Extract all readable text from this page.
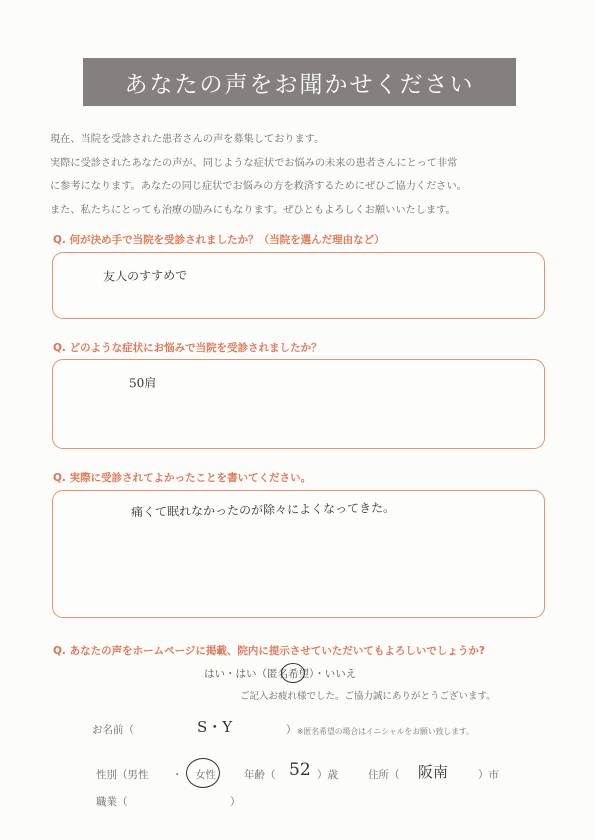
あなたの声をお聞かせください
現在、当院を受診された患者さんの声を募集しております。
実際に受診されたあなたの声が、同じような症状でお悩みの未来の患者さんにとって非常
に参考になります。あなたの同じ症状でお悩みの方を救済するためにぜひご協力ください。
また、私たちにとっても治療の励みにもなります。ぜひともよろしくお願いいたします。
Q. 何が決め手で当院を受診されましたか？（当院を選んだ理由など）
友人のすすめで
Q. どのような症状にお悩みで当院を受診されましたか？
50肩
Q. 実際に受診されてよかったことを書いてください。
痛くて眠れなかったのが除々によくなってきた。
Q. あなたの声をホームページに掲載、院内に提示させていただいてもよろしいでしょうか?
はい・はい（匿名希望
）・いいえ
ご記入お疲れ様でした。ご協力誠にありがとうございます。
お名前（	S・Y	） ※匿名希望の場合はイニシャルをお願い致します。
性別（男性 ・ 女性	年齢（ 52 ）歳	住所（ 阪南	）市
職業（	）
